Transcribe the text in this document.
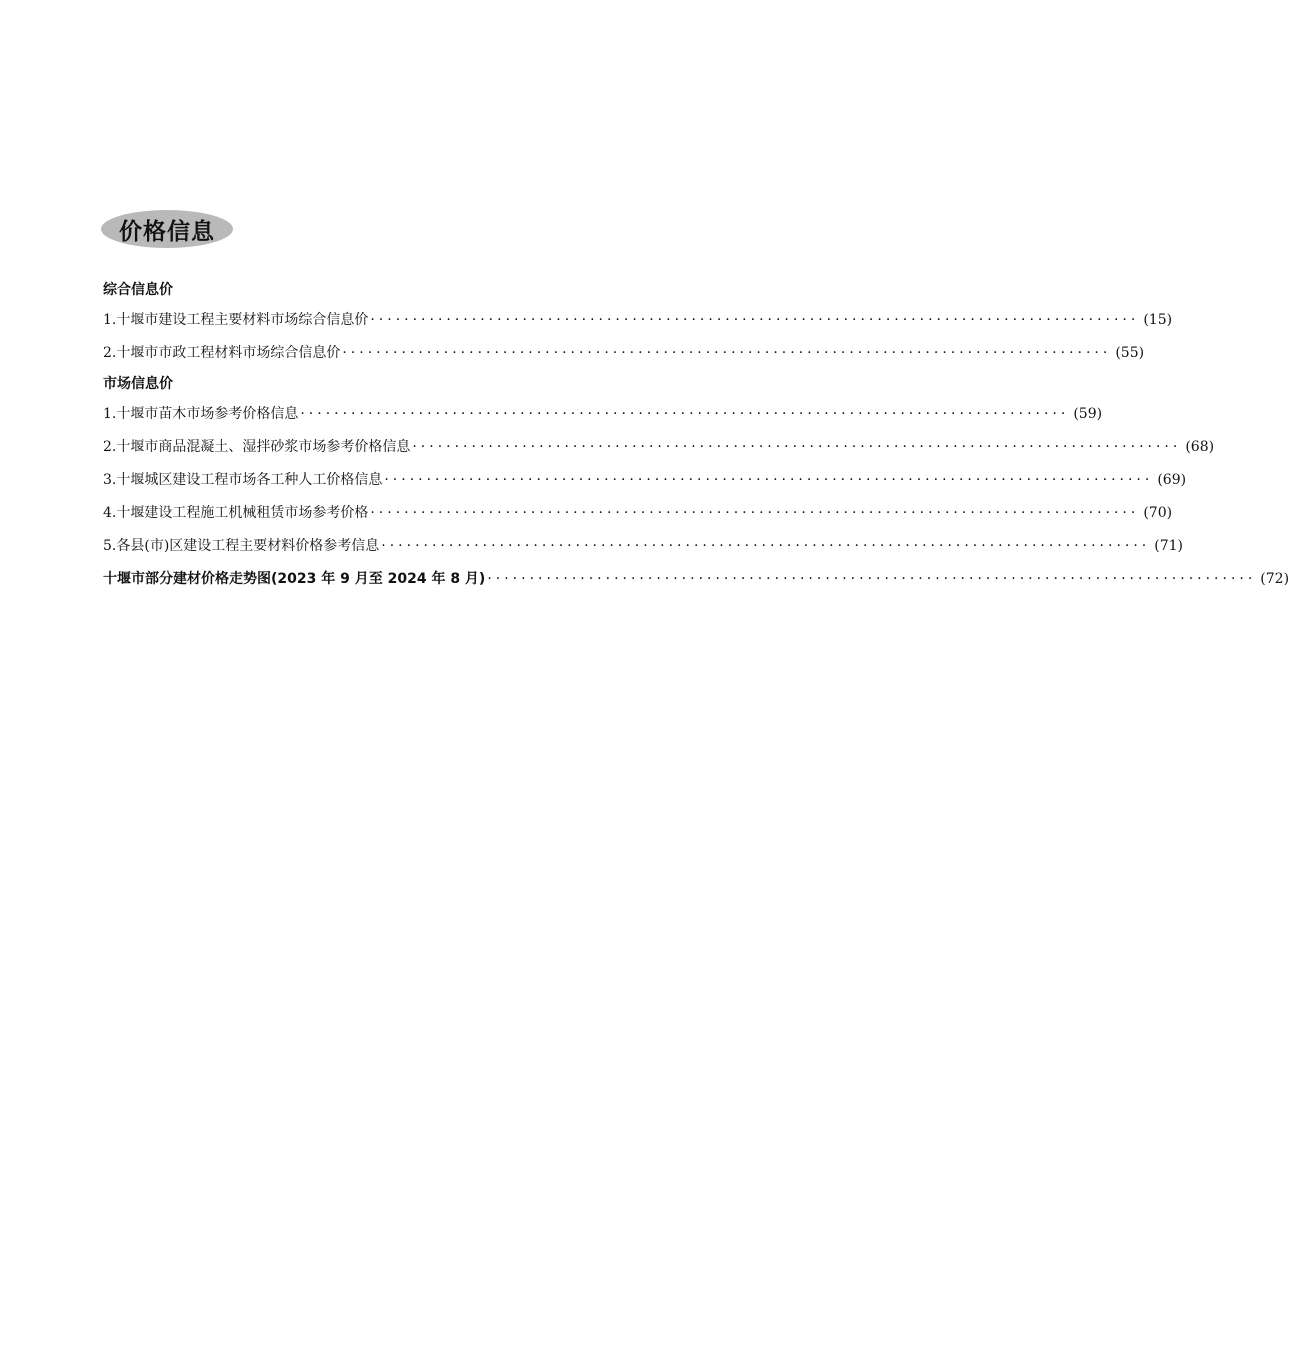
价格信息
综合信息价
1.十堰市建设工程主要材料市场综合信息价 ··························································································· (15)
2.十堰市市政工程材料市场综合信息价 ··························································································· (55)
市场信息价
1.十堰市苗木市场参考价格信息 ··························································································· (59)
2.十堰市商品混凝土、湿拌砂浆市场参考价格信息 ··························································································· (68)
3.十堰城区建设工程市场各工种人工价格信息 ··························································································· (69)
4.十堰建设工程施工机械租赁市场参考价格 ··························································································· (70)
5.各县(市)区建设工程主要材料价格参考信息 ··························································································· (71)
十堰市部分建材价格走势图(2023 年 9 月至 2024 年 8 月) ··························································································· (72)
